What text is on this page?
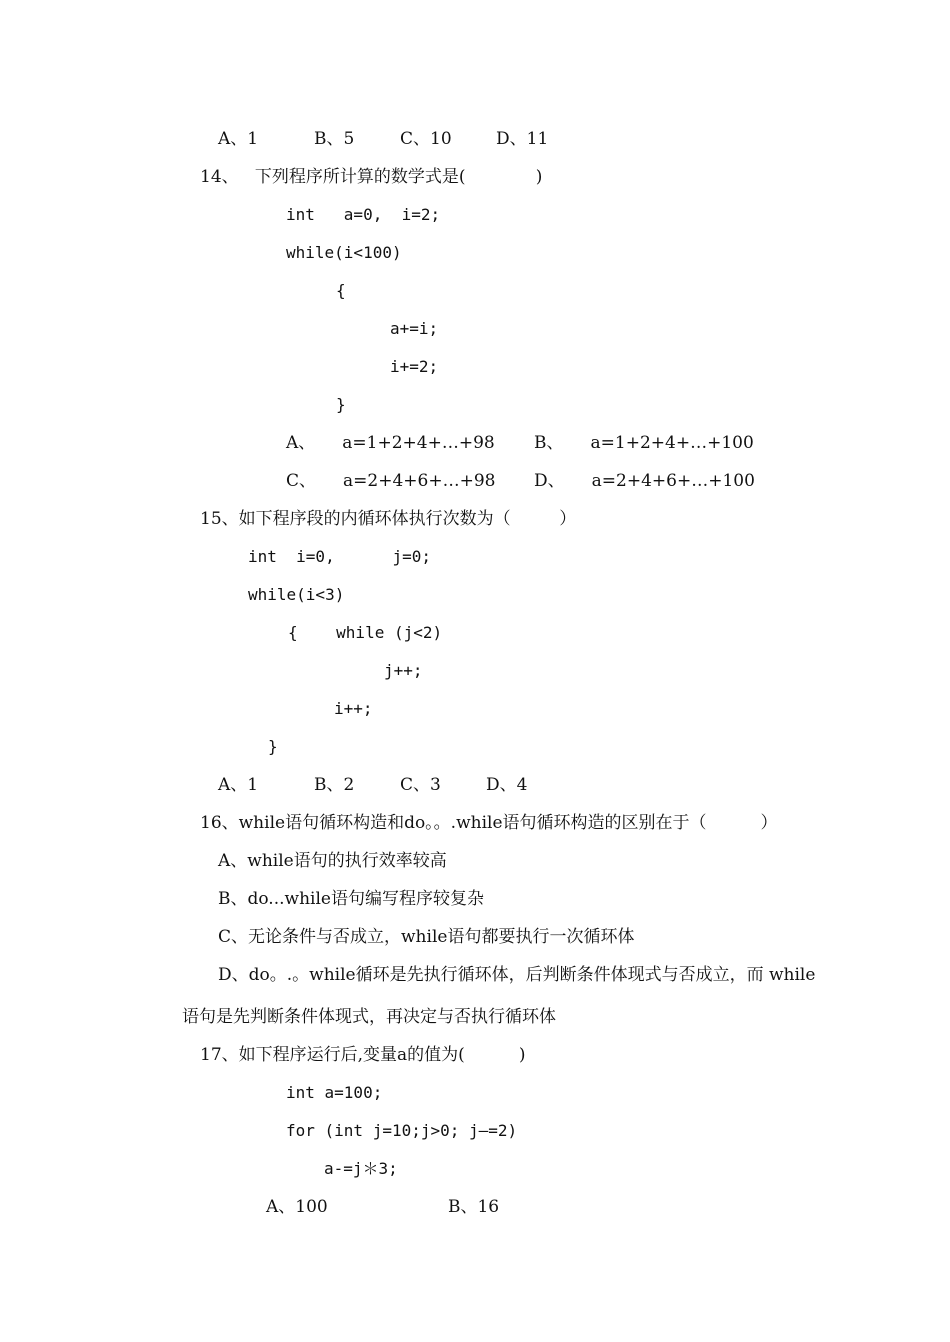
A、1	B、5	C、10	D、11
14、   下列程序所计算的数学式是(             )
int   a=0,  i=2;
while(i<100)
{
a+=i;
i+=2;
}
A、     a=1+2+4+…+98 B、     a=1+2+4+…+100
C、     a=2+4+6+…+98 D、     a=2+4+6+…+100
15、如下程序段的内循环体执行次数为（         ）
int  i=0,      j=0;
while(i<3)
{    while (j<2)
j++;
i++;
}
A、1	B、2	C、3	D、4
16、while语句循环构造和do。。.while语句循环构造的区别在于（          ）
A、while语句的执行效率较高
B、do...while语句编写程序较复杂
C、无论条件与否成立，while语句都要执行一次循环体
D、do。.。while循环是先执行循环体，后判断条件体现式与否成立，而 while
语句是先判断条件体现式，再决定与否执行循环体
17、如下程序运行后,变量a的值为(          )
int a=100;
for (int j=10;j>0; j—=2)
a-=j＊3;
A、100	B、16
